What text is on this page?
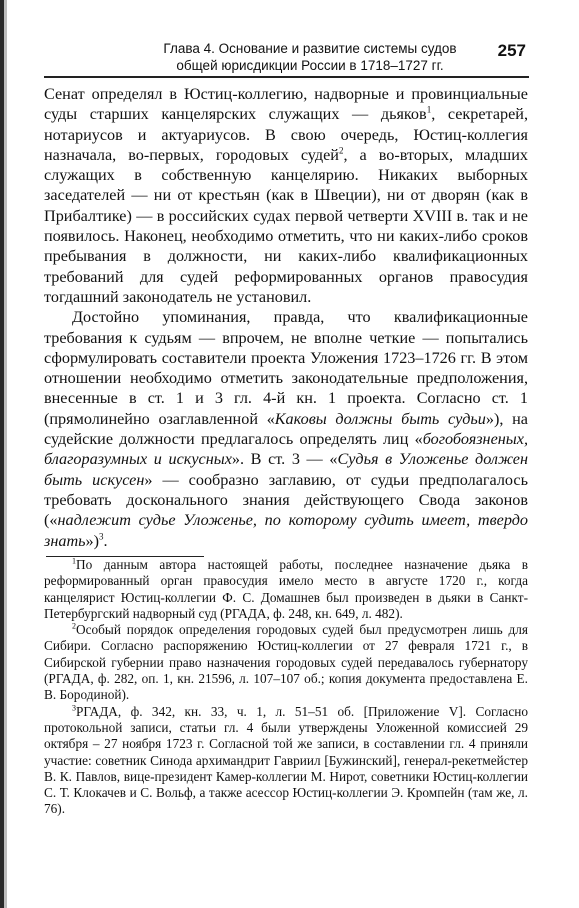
Глава 4. Основание и развитие системы судов
общей юрисдикции России в 1718–1727 гг.
257

Сенат определял в Юстиц-коллегию, надворные и провинциальные суды старших канцелярских служащих — дьяков$^1$, секретарей, нотариусов и актуариусов. В свою очередь, Юстиц-коллегия назначала, во-первых, городовых судей$^2$, а во-вторых, младших служащих в собственную канцелярию. Никаких выборных заседателей — ни от крестьян (как в Швеции), ни от дворян (как в Прибалтике) — в российских судах первой четверти XVIII в. так и не появилось. Наконец, необходимо отметить, что ни каких-либо сроков пребывания в должности, ни каких-либо квалификационных требований для судей реформированных органов правосудия тогдашний законодатель не установил.

Достойно упоминания, правда, что квалификационные требования к судьям — впрочем, не вполне четкие — попытались сформулировать составители проекта Уложения 1723–1726 гг. В этом отношении необходимо отметить законодательные предположения, внесенные в ст. 1 и 3 гл. 4-й кн. 1 проекта. Согласно ст. 1 (прямолинейно озаглавленной «Каковы должны быть судьи»), на судейские должности предлагалось определять лиц «богобоязненых, благоразумных и искусных». В ст. 3 — «Судья в Уложенье должен быть искусен» — сообразно заглавию, от судьи предполагалось требовать досконального знания действующего Свода законов («надлежит судье Уложенье, по которому судить имеет, твердо знать»)$^3$.

$^1$По данным автора настоящей работы, последнее назначение дьяка в реформированный орган правосудия имело место в августе 1720 г., когда канцелярист Юстиц-коллегии Ф. С. Домашнев был произведен в дьяки в Санкт-Петербургский надворный суд (РГАДА, ф. 248, кн. 649, л. 482).

$^2$Особый порядок определения городовых судей был предусмотрен лишь для Сибири. Согласно распоряжению Юстиц-коллегии от 27 февраля 1721 г., в Сибирской губернии право назначения городовых судей передавалось губернатору (РГАДА, ф. 282, оп. 1, кн. 21596, л. 107–107 об.; копия документа предоставлена Е. В. Бородиной).

$^3$РГАДА, ф. 342, кн. 33, ч. 1, л. 51–51 об. [Приложение V]. Согласно протокольной записи, статьи гл. 4 были утверждены Уложенной комиссией 29 октября – 27 ноября 1723 г. Согласной той же записи, в составлении гл. 4 приняли участие: советник Синода архимандрит Гавриил [Бужинский], генерал-рекетмейстер В. К. Павлов, вице-президент Камер-коллегии М. Нирот, советники Юстиц-коллегии С. Т. Клокачев и С. Вольф, а также асессор Юстиц-коллегии Э. Кромпейн (там же, л. 76).
